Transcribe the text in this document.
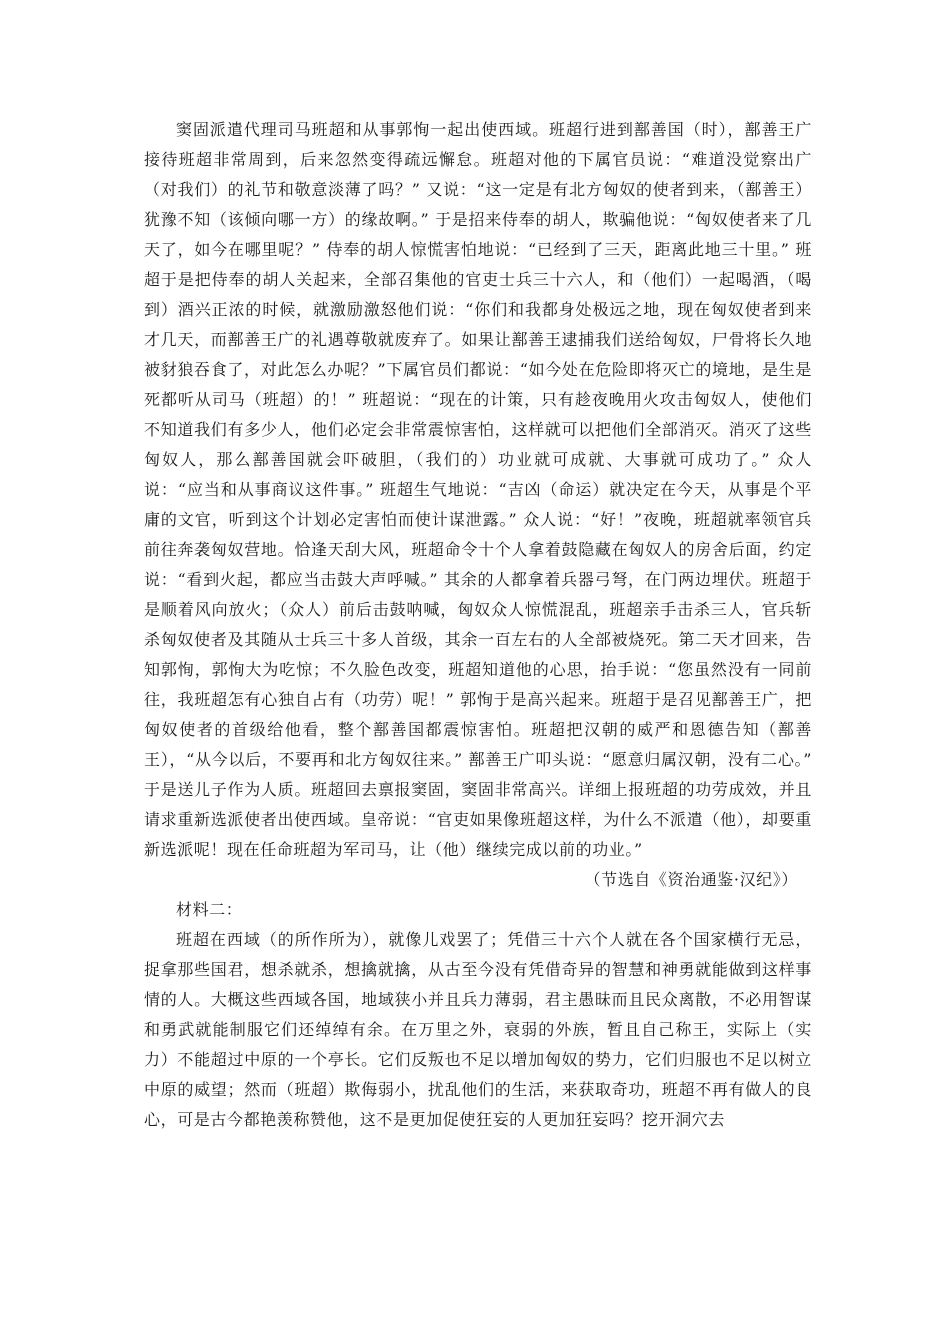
窦固派遣代理司马班超和从事郭恂一起出使西域。班超行进到鄯善国（时），鄯善王广接待班超非常周到，后来忽然变得疏远懈怠。班超对他的下属官员说：“难道没觉察出广（对我们）的礼节和敬意淡薄了吗？” 又说：“这一定是有北方匈奴的使者到来，（鄯善王）犹豫不知（该倾向哪一方）的缘故啊。” 于是招来侍奉的胡人，欺骗他说：“匈奴使者来了几天了，如今在哪里呢？” 侍奉的胡人惊慌害怕地说：“已经到了三天，距离此地三十里。” 班超于是把侍奉的胡人关起来，全部召集他的官吏士兵三十六人，和（他们）一起喝酒，（喝到）酒兴正浓的时候，就激励激怒他们说：“你们和我都身处极远之地，现在匈奴使者到来才几天，而鄯善王广的礼遇尊敬就废弃了。如果让鄯善王逮捕我们送给匈奴，尸骨将长久地被豺狼吞食了，对此怎么办呢？”下属官员们都说：“如今处在危险即将灭亡的境地，是生是死都听从司马（班超）的！” 班超说：“现在的计策，只有趁夜晚用火攻击匈奴人，使他们不知道我们有多少人，他们必定会非常震惊害怕，这样就可以把他们全部消灭。消灭了这些匈奴人，那么鄯善国就会吓破胆，（我们的）功业就可成就、大事就可成功了。” 众人说：“应当和从事商议这件事。” 班超生气地说：“吉凶（命运）就决定在今天，从事是个平庸的文官，听到这个计划必定害怕而使计谋泄露。” 众人说：“好！”夜晚，班超就率领官兵前往奔袭匈奴营地。恰逢天刮大风，班超命令十个人拿着鼓隐藏在匈奴人的房舍后面，约定说：“看到火起，都应当击鼓大声呼喊。” 其余的人都拿着兵器弓弩，在门两边埋伏。班超于是顺着风向放火；（众人）前后击鼓呐喊，匈奴众人惊慌混乱，班超亲手击杀三人，官兵斩杀匈奴使者及其随从士兵三十多人首级，其余一百左右的人全部被烧死。第二天才回来，告知郭恂，郭恂大为吃惊；不久脸色改变，班超知道他的心思，抬手说：“您虽然没有一同前往，我班超怎有心独自占有（功劳）呢！” 郭恂于是高兴起来。班超于是召见鄯善王广，把匈奴使者的首级给他看，整个鄯善国都震惊害怕。班超把汉朝的威严和恩德告知（鄯善王），“从今以后，不要再和北方匈奴往来。” 鄯善王广叩头说：“愿意归属汉朝，没有二心。” 于是送儿子作为人质。班超回去禀报窦固，窦固非常高兴。详细上报班超的功劳成效，并且请求重新选派使者出使西域。皇帝说：“官吏如果像班超这样，为什么不派遣（他），却要重新选派呢！现在任命班超为军司马，让（他）继续完成以前的功业。”

（节选自《资治通鉴·汉纪》）

材料二：

班超在西域（的所作所为），就像儿戏罢了；凭借三十六个人就在各个国家横行无忌，捉拿那些国君，想杀就杀，想擒就擒，从古至今没有凭借奇异的智慧和神勇就能做到这样事情的人。大概这些西域各国，地域狭小并且兵力薄弱，君主愚昧而且民众离散，不必用智谋和勇武就能制服它们还绰绰有余。在万里之外，衰弱的外族，暂且自己称王，实际上（实力）不能超过中原的一个亭长。它们反叛也不足以增加匈奴的势力，它们归服也不足以树立中原的威望；然而（班超）欺侮弱小，扰乱他们的生活，来获取奇功，班超不再有做人的良心，可是古今都艳羡称赞他，这不是更加促使狂妄的人更加狂妄吗？挖开洞穴去
